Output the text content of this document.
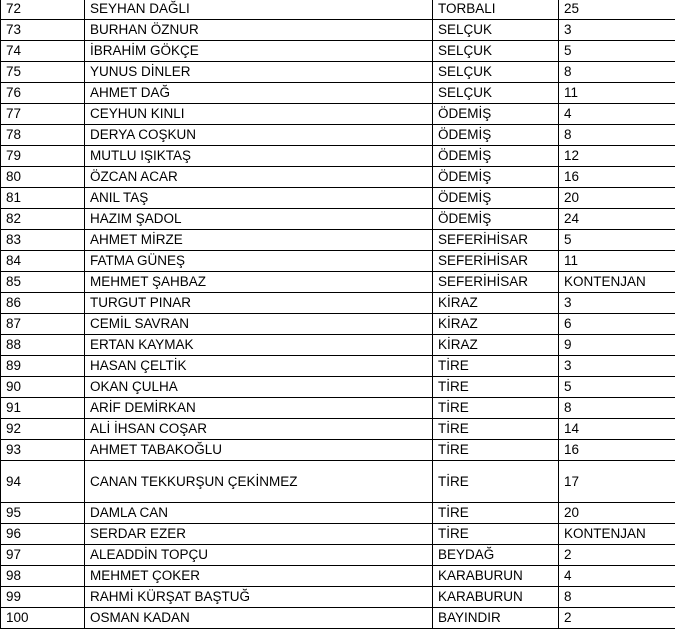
72	SEYHAN DAĞLI	TORBALI	25
73	BURHAN ÖZNUR	SELÇUK	3
74	İBRAHİM GÖKÇE	SELÇUK	5
75	YUNUS DİNLER	SELÇUK	8
76	AHMET DAĞ	SELÇUK	11
77	CEYHUN KINLI	ÖDEMİŞ	4
78	DERYA COŞKUN	ÖDEMİŞ	8
79	MUTLU IŞIKTAŞ	ÖDEMİŞ	12
80	ÖZCAN ACAR	ÖDEMİŞ	16
81	ANIL TAŞ	ÖDEMİŞ	20
82	HAZIM ŞADOL	ÖDEMİŞ	24
83	AHMET MİRZE	SEFERİHİSAR	5
84	FATMA GÜNEŞ	SEFERİHİSAR	11
85	MEHMET ŞAHBAZ	SEFERİHİSAR	KONTENJAN
86	TURGUT PINAR	KİRAZ	3
87	CEMİL SAVRAN	KİRAZ	6
88	ERTAN KAYMAK	KİRAZ	9
89	HASAN ÇELTİK	TİRE	3
90	OKAN ÇULHA	TİRE	5
91	ARİF DEMİRKAN	TİRE	8
92	ALİ İHSAN COŞAR	TİRE	14
93	AHMET TABAKOĞLU	TİRE	16
94	CANAN TEKKURŞUN ÇEKİNMEZ	TİRE	17
95	DAMLA CAN	TİRE	20
96	SERDAR EZER	TİRE	KONTENJAN
97	ALEADDİN TOPÇU	BEYDAĞ	2
98	MEHMET ÇOKER	KARABURUN	4
99	RAHMİ KÜRŞAT BAŞTUĞ	KARABURUN	8
100	OSMAN KADAN	BAYINDIR	2
